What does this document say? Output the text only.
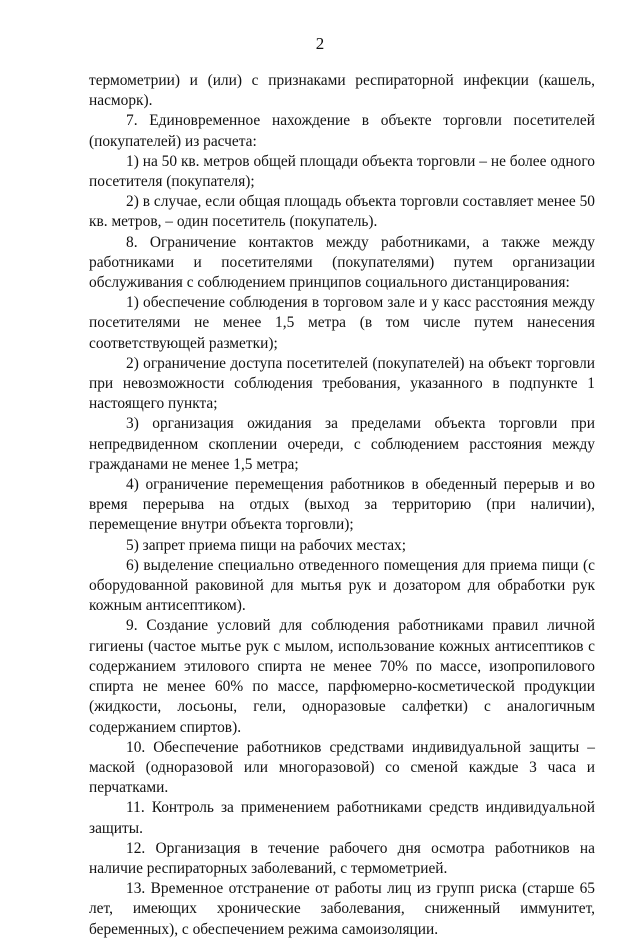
2

термометрии) и (или) с признаками респираторной инфекции (кашель, насморк).

7. Единовременное нахождение в объекте торговли посетителей (покупателей) из расчета:

1) на 50 кв. метров общей площади объекта торговли – не более одного посетителя (покупателя);

2) в случае, если общая площадь объекта торговли составляет менее 50 кв. метров, – один посетитель (покупатель).

8. Ограничение контактов между работниками, а также между работниками и посетителями (покупателями) путем организации обслуживания с соблюдением принципов социального дистанцирования:

1) обеспечение соблюдения в торговом зале и у касс расстояния между посетителями не менее 1,5 метра (в том числе путем нанесения соответствующей разметки);

2) ограничение доступа посетителей (покупателей) на объект торговли при невозможности соблюдения требования, указанного в подпункте 1 настоящего пункта;

3) организация ожидания за пределами объекта торговли при непредвиденном скоплении очереди, с соблюдением расстояния между гражданами не менее 1,5 метра;

4) ограничение перемещения работников в обеденный перерыв и во время перерыва на отдых (выход за территорию (при наличии), перемещение внутри объекта торговли);

5) запрет приема пищи на рабочих местах;

6) выделение специально отведенного помещения для приема пищи (с оборудованной раковиной для мытья рук и дозатором для обработки рук кожным антисептиком).

9. Создание условий для соблюдения работниками правил личной гигиены (частое мытье рук с мылом, использование кожных антисептиков с содержанием этилового спирта не менее 70% по массе, изопропилового спирта не менее 60% по массе, парфюмерно-косметической продукции (жидкости, лосьоны, гели, одноразовые салфетки) с аналогичным содержанием спиртов).

10. Обеспечение работников средствами индивидуальной защиты – маской (одноразовой или многоразовой) со сменой каждые 3 часа и перчатками.

11. Контроль за применением работниками средств индивидуальной защиты.

12. Организация в течение рабочего дня осмотра работников на наличие респираторных заболеваний, с термометрией.

13. Временное отстранение от работы лиц из групп риска (старше 65 лет, имеющих хронические заболевания, сниженный иммунитет, беременных), с обеспечением режима самоизоляции.
